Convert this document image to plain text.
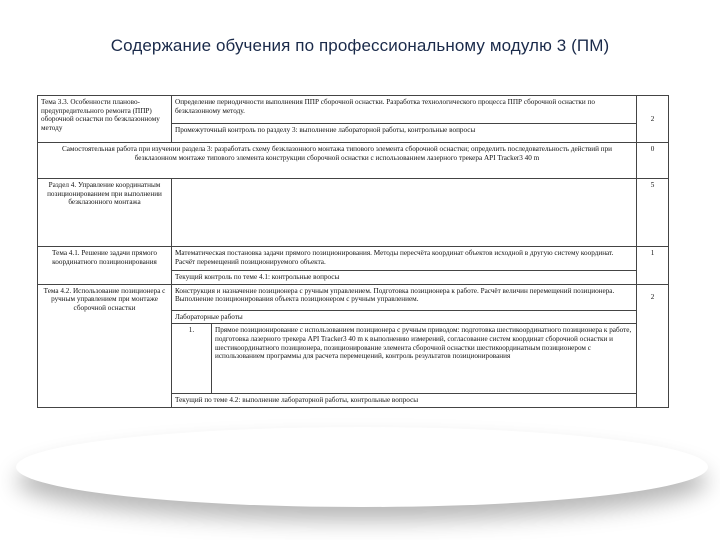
Содержание обучения по профессиональному модулю 3 (ПМ)
Тема 3.3. Особенности планово-предупредительного ремонта (ППР) оборочной оснастки по безклазонному методу	Определение периодичности выполнения ППР сборочной оснастки. Разработка технологического процесса ППР сборочной оснастки по безклазонному методу.		2
	Промежуточный контроль по разделу 3: выполнение лабораторной работы, контрольные вопросы		
Самостоятельная работа при изучении раздела 3: разработать схему безклазонного монтажа типового элемента сборочной оснастки; определить последовательность действий при безклазонном монтаже типового элемента конструкции сборочной оснастки с использованием лазерного трекера API Tracker3 40 m			0
Раздел 4. Управление координатным позиционированием при выполнении безклазонного монтажа			5
Тема 4.1. Решение задачи прямого координатного позиционирования	Математическая постановка задачи прямого позиционирования. Методы пересчёта координат объектов исходной в другую систему координат. Расчёт перемещений позиционируемого объекта.		1
	Текущий контроль по теме 4.1: контрольные вопросы		
Тема 4.2. Использование позиционера с ручным управлением при монтаже сборочной оснастки	Конструкция и назначение позиционера с ручным управлением. Подготовка позиционера к работе. Расчёт величин перемещений позиционера. Выполнение позиционирования объекта позиционером с ручным управлением.		2
	Лабораторные работы		
	1.	Прямое позиционирование с использованием позиционера с ручным приводом: подготовка шестикоординатного позиционера к работе, подготовка лазерного трекера API Tracker3 40 m к выполнению измерений, согласование систем координат сборочной оснастки и шестикоординатного позиционера, позиционирование элемента сборочной оснастки шестикоординатным позиционером с использованием программы для расчета перемещений, контроль результатов позиционирования	
	Текущий по теме 4.2: выполнение лабораторной работы, контрольные вопросы		
